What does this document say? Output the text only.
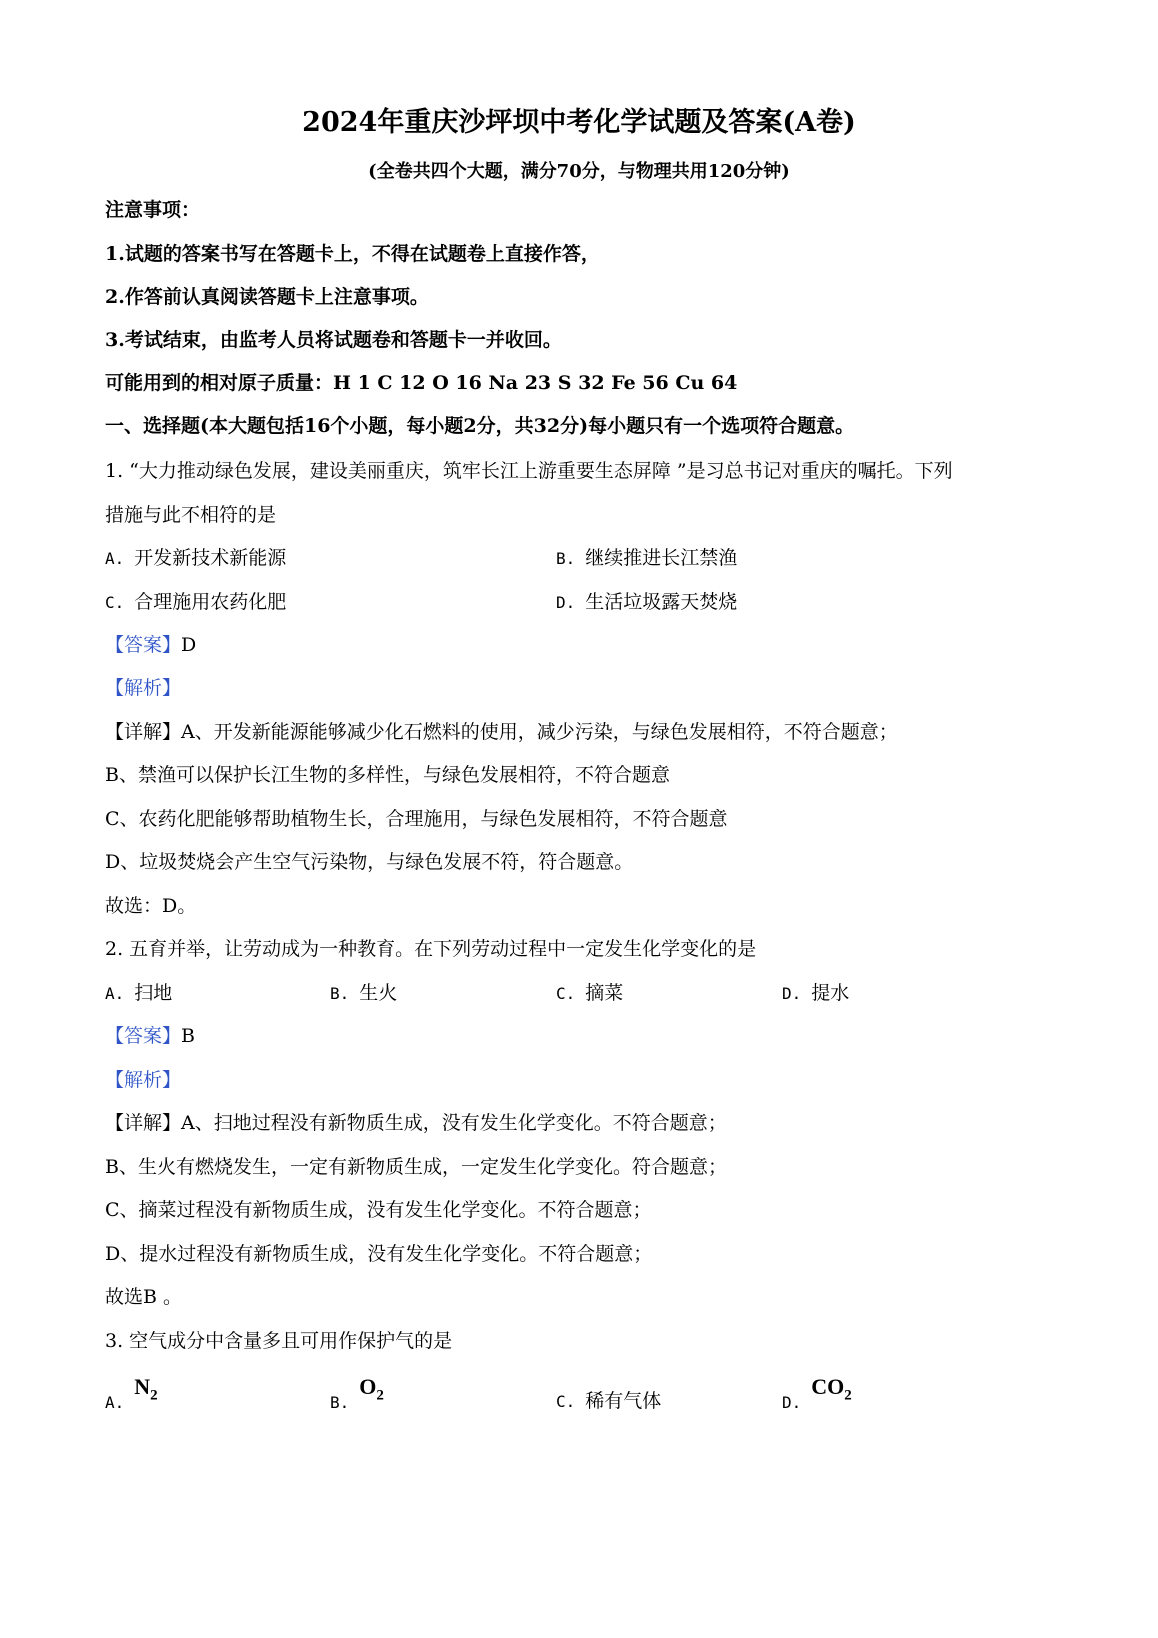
2024年重庆沙坪坝中考化学试题及答案(A卷)
(全卷共四个大题，满分70分，与物理共用120分钟)
注意事项：
1.试题的答案书写在答题卡上，不得在试题卷上直接作答，
2.作答前认真阅读答题卡上注意事项。
3.考试结束，由监考人员将试题卷和答题卡一并收回。
可能用到的相对原子质量：H 1 C 12 O 16 Na 23 S 32 Fe 56 Cu 64
一、选择题(本大题包括16个小题，每小题2分，共32分)每小题只有一个选项符合题意。
1. “大力推动绿色发展，建设美丽重庆，筑牢长江上游重要生态屏障 ”是习总书记对重庆的嘱托。下列
措施与此不相符的是
A. 开发新技术新能源	B. 继续推进长江禁渔
C. 合理施用农药化肥	D. 生活垃圾露天焚烧
【答案】D
【解析】
【详解】A、开发新能源能够减少化石燃料的使用，减少污染，与绿色发展相符，不符合题意；
B、禁渔可以保护长江生物的多样性，与绿色发展相符，不符合题意
C、农药化肥能够帮助植物生长，合理施用，与绿色发展相符，不符合题意
D、垃圾焚烧会产生空气污染物，与绿色发展不符，符合题意。
故选：D。
2. 五育并举，让劳动成为一种教育。在下列劳动过程中一定发生化学变化的是
A. 扫地	B. 生火	C. 摘菜	D. 提水
【答案】B
【解析】
【详解】A、扫地过程没有新物质生成，没有发生化学变化。不符合题意；
B、生火有燃烧发生，一定有新物质生成，一定发生化学变化。符合题意；
C、摘菜过程没有新物质生成，没有发生化学变化。不符合题意；
D、提水过程没有新物质生成，没有发生化学变化。不符合题意；
故选B 。
3. 空气成分中含量多且可用作保护气的是
$A.N_2$	$B.O_2$	C. 稀有气体	$D.CO_2$
